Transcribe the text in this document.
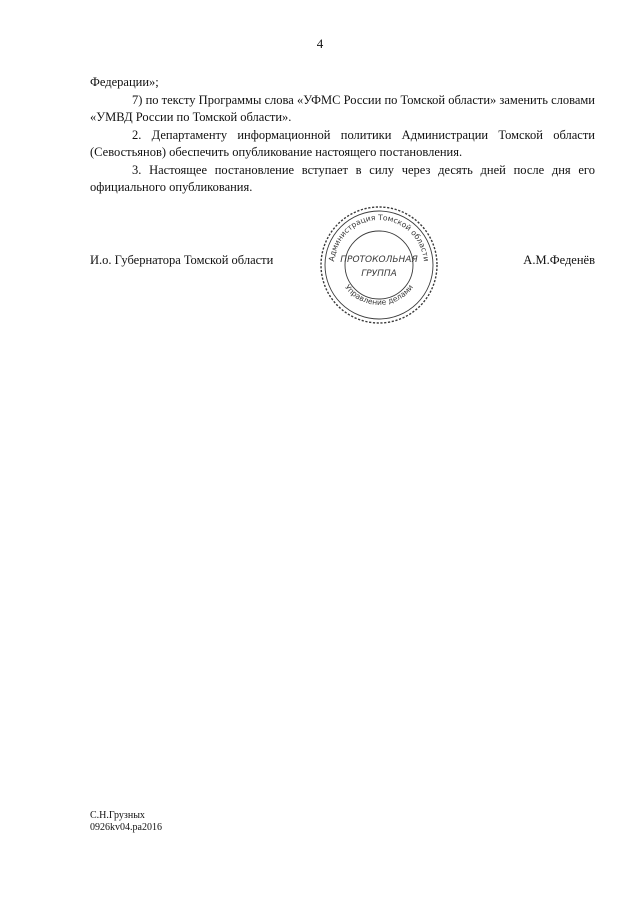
4

Федерации»;

7) по тексту Программы слова «УФМС России по Томской области» заменить словами «УМВД России по Томской области».

2. Департаменту информационной политики Администрации Томской области (Севостьянов) обеспечить опубликование настоящего постановления.

3. Настоящее постановление вступает в силу через десять дней после дня его официального опубликования.

И.о. Губернатора Томской области	А.М.Феденёв
Администрация Томской области
Управление делами
ПРОТОКОЛЬНАЯ
ГРУППА
С.Н.Грузных
0926kv04.pa2016
